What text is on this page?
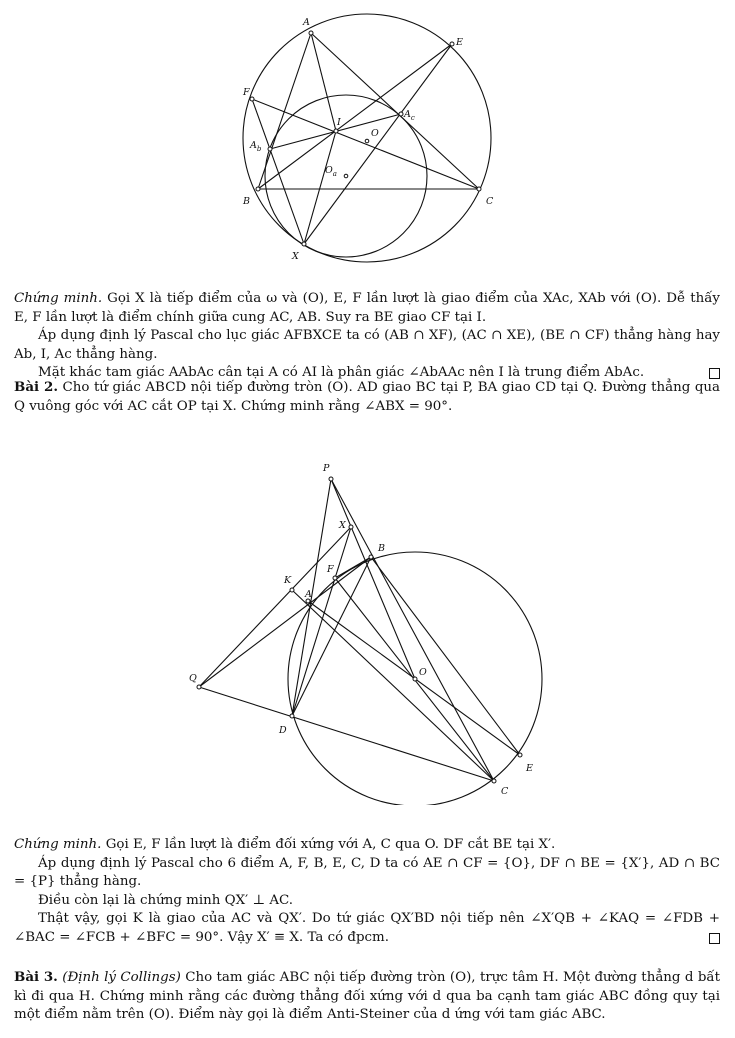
A
E
F
I
$A_c$
O
$A_b$
$O_a$
B	C
X
Chứng minh. Gọi X là tiếp điểm của ω và (O), E, F lần lượt là giao điểm của XAc, XAb với (O). Dễ thấy E, F lần lượt là điểm chính giữa cung AC, AB. Suy ra BE giao CF tại I.
Áp dụng định lý Pascal cho lục giác AFBXCE ta có (AB ∩ XF), (AC ∩ XE), (BE ∩ CF) thẳng hàng hay Ab, I, Ac thẳng hàng.
Mặt khác tam giác AAbAc cân tại A có AI là phân giác ∠AbAAc nên I là trung điểm AbAc.
Bài 2. Cho tứ giác ABCD nội tiếp đường tròn (O). AD giao BC tại P, BA giao CD tại Q. Đường thẳng qua Q vuông góc với AC cắt OP tại X. Chứng minh rằng ∠ABX = 90°.
P
X
B
K
F
A
Q
O
D
E
C
Chứng minh. Gọi E, F lần lượt là điểm đối xứng với A, C qua O. DF cắt BE tại X′.
Áp dụng định lý Pascal cho 6 điểm A, F, B, E, C, D ta có AE ∩ CF = {O}, DF ∩ BE = {X′}, AD ∩ BC = {P} thẳng hàng.
Điều còn lại là chứng minh QX′ ⊥ AC.
Thật vậy, gọi K là giao của AC và QX′. Do tứ giác QX′BD nội tiếp nên ∠X′QB + ∠KAQ = ∠FDB + ∠BAC = ∠FCB + ∠BFC = 90°. Vậy X′ ≡ X. Ta có đpcm.
Bài 3. (Định lý Collings) Cho tam giác ABC nội tiếp đường tròn (O), trực tâm H. Một đường thẳng d bất kì đi qua H. Chứng minh rằng các đường thẳng đối xứng với d qua ba cạnh tam giác ABC đồng quy tại một điểm nằm trên (O). Điểm này gọi là điểm Anti-Steiner của d ứng với tam giác ABC.
